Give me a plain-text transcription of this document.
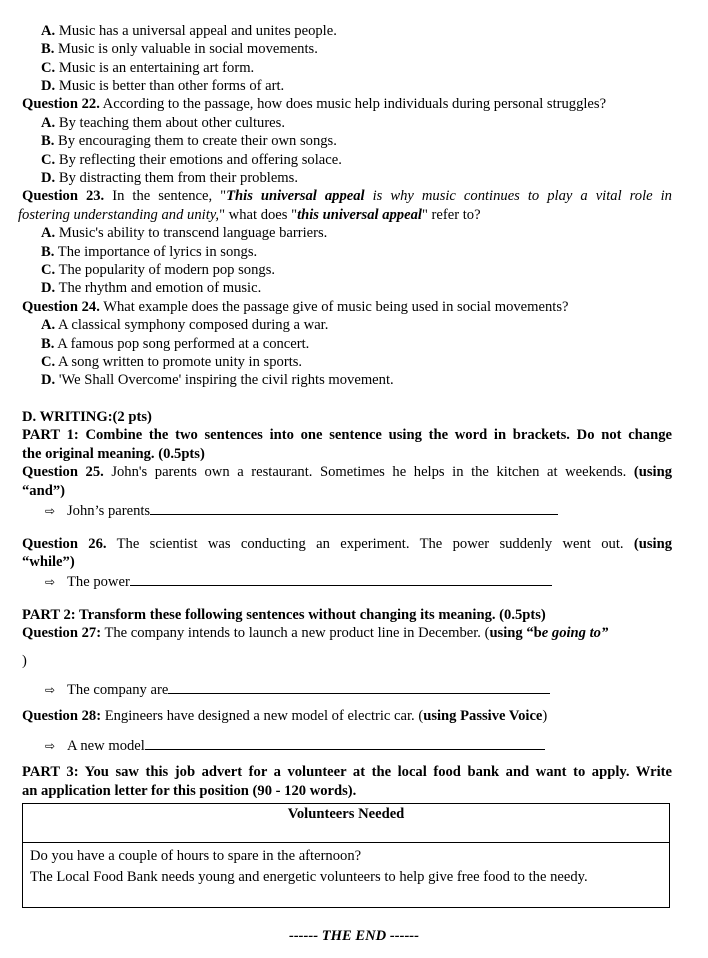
A. Music has a universal appeal and unites people.
B. Music is only valuable in social movements.
C. Music is an entertaining art form.
D. Music is better than other forms of art.
Question 22. According to the passage, how does music help individuals during personal struggles?
A. By teaching them about other cultures.
B. By encouraging them to create their own songs.
C. By reflecting their emotions and offering solace.
D. By distracting them from their problems.
Question 23. In the sentence, "This universal appeal is why music continues to play a vital role in
fostering understanding and unity," what does "this universal appeal" refer to?
A. Music's ability to transcend language barriers.
B. The importance of lyrics in songs.
C. The popularity of modern pop songs.
D. The rhythm and emotion of music.
Question 24. What example does the passage give of music being used in social movements?
A. A classical symphony composed during a war.
B. A famous pop song performed at a concert.
C. A song written to promote unity in sports.
D. 'We Shall Overcome' inspiring the civil rights movement.
D. WRITING:(2 pts)
PART 1: Combine the two sentences into one sentence using the word in brackets. Do not change
the original meaning. (0.5pts)
Question 25. John's parents own a restaurant. Sometimes he helps in the kitchen at weekends. (using
“and”)
⇨ John’s parents
Question 26. The scientist was conducting an experiment. The power suddenly went out. (using
“while”)
⇨ The power
PART 2: Transform these following sentences without changing its meaning. (0.5pts)
Question 27: The company intends to launch a new product line in December. (using “be going to”
)
⇨ The company are
Question 28: Engineers have designed a new model of electric car. (using Passive Voice)
⇨ A new model
PART 3: You saw this job advert for a volunteer at the local food bank and want to apply. Write
an application letter for this position (90 - 120 words).
Volunteers Needed
Do you have a couple of hours to spare in the afternoon?
The Local Food Bank needs young and energetic volunteers to help give free food to the needy.
------ THE END ------
